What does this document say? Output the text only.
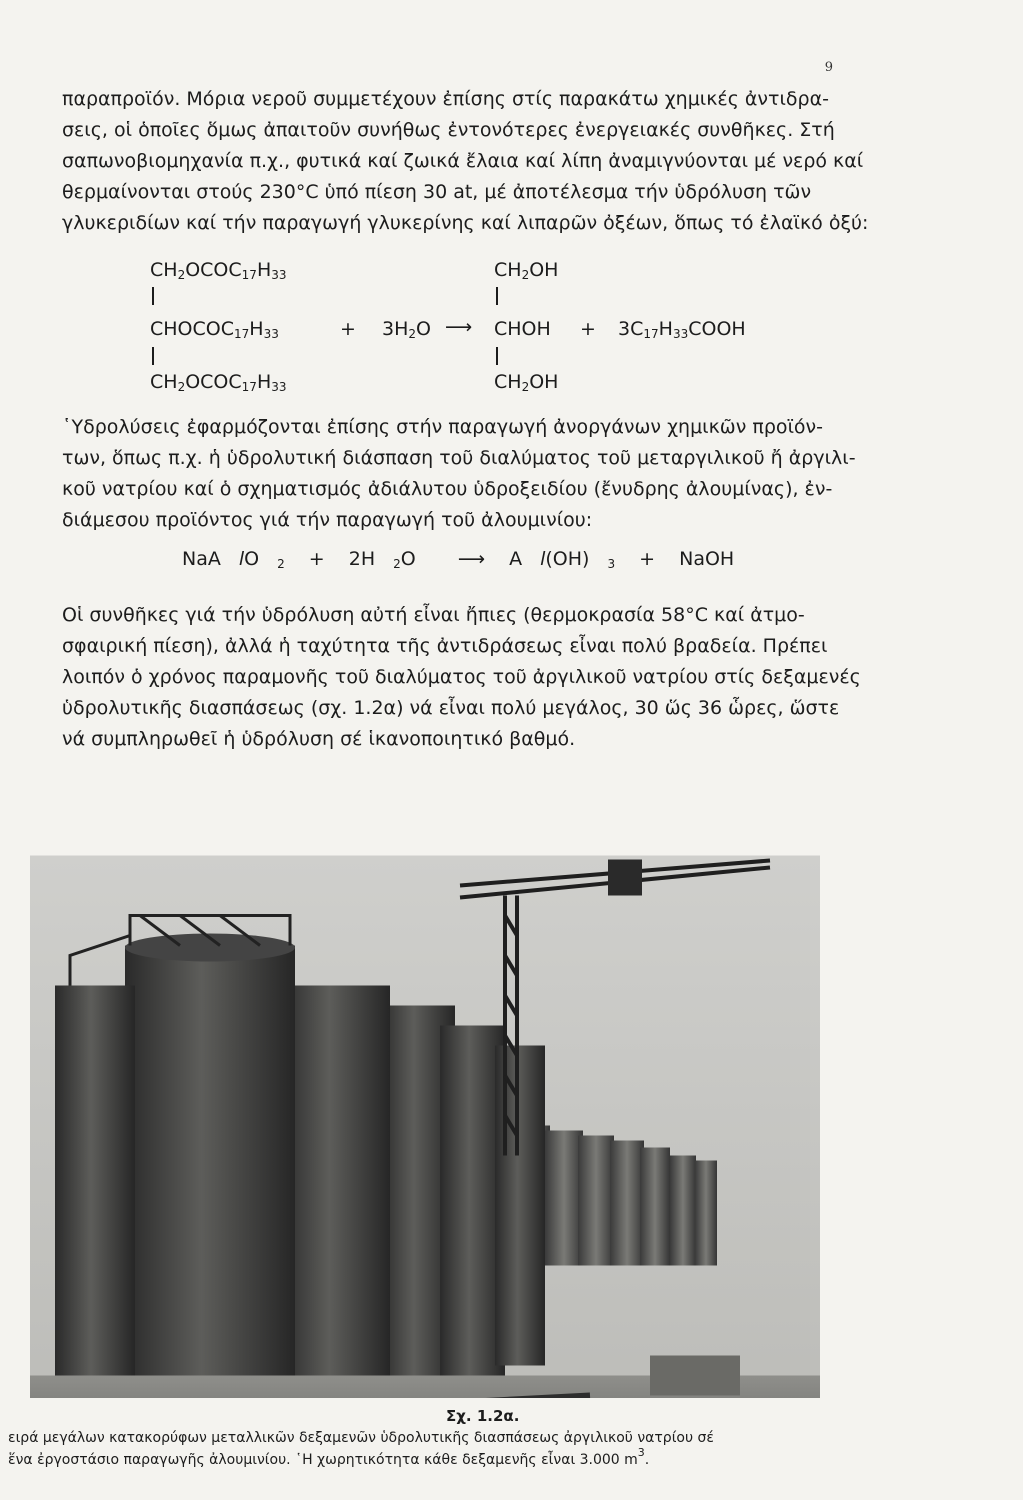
9
παραπροϊόν. Μόρια νεροῦ συμμετέχουν ἐπίσης στίς παρακάτω χημικές ἀντιδρα-
σεις, οἱ ὁποῖες ὅμως ἀπαιτοῦν συνήθως ἐντονότερες ἐνεργειακές συνθῆκες. Στή
σαπωνοβιομηχανία π.χ., φυτικά καί ζωικά ἔλαια καί λίπη ἀναμιγνύονται μέ νερό καί
θερμαίνονται στούς 230°C ὑπό πίεση 30 at, μέ ἀποτέλεσμα τήν ὑδρόλυση τῶν
γλυκεριδίων καί τήν παραγωγή γλυκερίνης καί λιπαρῶν ὀξέων, ὅπως τό ἐλαϊκό ὀξύ:
$CH_2OCOC_{17}H_{33}$
$CHOCOC_{17}H_{33}$
$CH_2OCOC_{17}H_{33}$
+ $3H_2O$ ⟶
$CH_2OH$
CHOH
$CH_2OH$
+ $3C_{17}H_{33}COOH$
῾Υδρολύσεις ἐφαρμόζονται ἐπίσης στήν παραγωγή ἀνοργάνων χημικῶν προϊόν-
των, ὅπως π.χ. ἡ ὑδρολυτική διάσπαση τοῦ διαλύματος τοῦ μεταργιλικοῦ ἤ ἀργιλι-
κοῦ νατρίου καί ὁ σχηματισμός ἀδιάλυτου ὑδροξειδίου (ἔνυδρης ἀλουμίνας), ἐν-
διάμεσου προϊόντος γιά τήν παραγωγή τοῦ ἀλουμινίου:
NaA lO $_2$ + 2H $_2$O ⟶ A l(OH) $_3$ + NaOH
Οἱ συνθῆκες γιά τήν ὑδρόλυση αὐτή εἶναι ἤπιες (θερμοκρασία 58°C καί ἀτμο-
σφαιρική πίεση), ἀλλά ἡ ταχύτητα τῆς ἀντιδράσεως εἶναι πολύ βραδεία. Πρέπει
λοιπόν ὁ χρόνος παραμονῆς τοῦ διαλύματος τοῦ ἀργιλικοῦ νατρίου στίς δεξαμενές
ὑδρολυτικῆς διασπάσεως (σχ. 1.2α) νά εἶναι πολύ μεγάλος, 30 ὥς 36 ὧρες, ὥστε
νά συμπληρωθεῖ ἡ ὑδρόλυση σέ ἱκανοποιητικό βαθμό.
Σχ. 1.2α.
ειρά μεγάλων κατακορύφων μεταλλικῶν δεξαμενῶν ὑδρολυτικῆς διασπάσεως ἀργιλικοῦ νατρίου σέ
ἕνα ἐργοστάσιο παραγωγῆς ἀλουμινίου. ῾Η χωρητικότητα κάθε δεξαμενῆς εἶναι 3.000 $m^3$.
